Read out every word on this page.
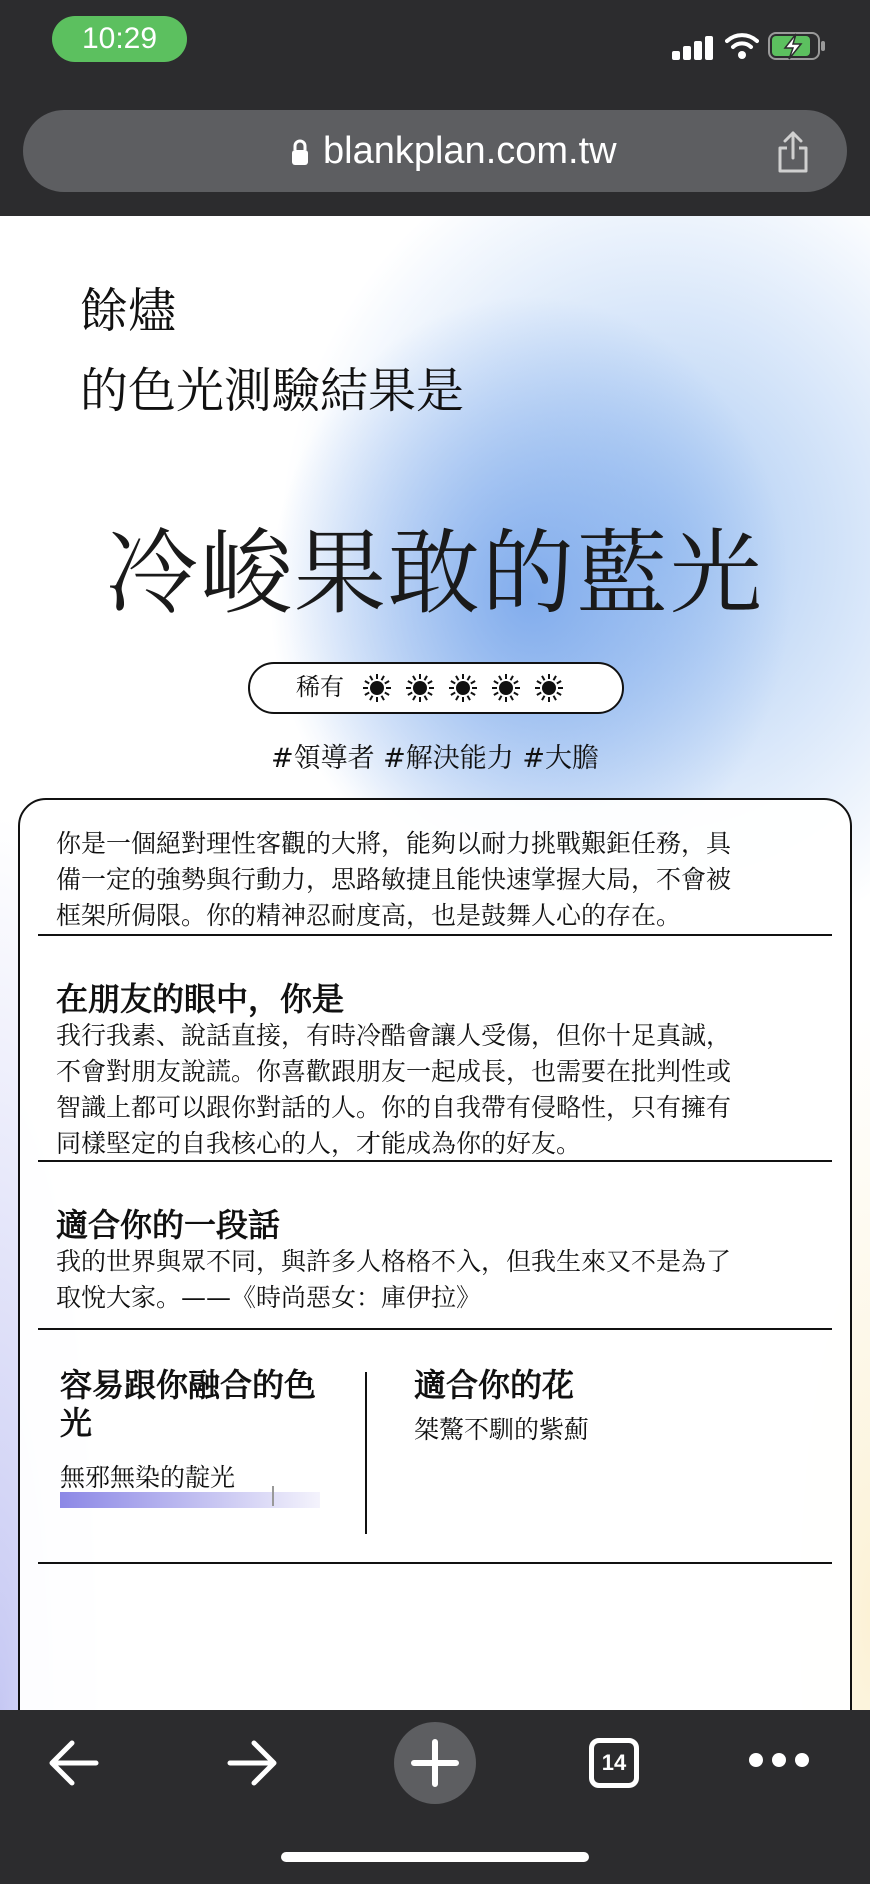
10:29
blankplan.com.tw
餘燼
的色光測驗結果是
冷峻果敢的藍光
稀有
#領導者 #解決能力 #大膽
你是一個絕對理性客觀的大將，能夠以耐力挑戰艱鉅任務，具
備一定的強勢與行動力，思路敏捷且能快速掌握大局，不會被
框架所侷限。你的精神忍耐度高，也是鼓舞人心的存在。
在朋友的眼中，你是
我行我素、說話直接，有時冷酷會讓人受傷，但你十足真誠，
不會對朋友說謊。你喜歡跟朋友一起成長，也需要在批判性或
智識上都可以跟你對話的人。你的自我帶有侵略性，只有擁有
同樣堅定的自我核心的人，才能成為你的好友。
適合你的一段話
我的世界與眾不同，與許多人格格不入，但我生來又不是為了
取悅大家。——《時尚惡女：庫伊拉》
容易跟你融合的色
光
無邪無染的靛光
適合你的花
桀驁不馴的紫薊
14
